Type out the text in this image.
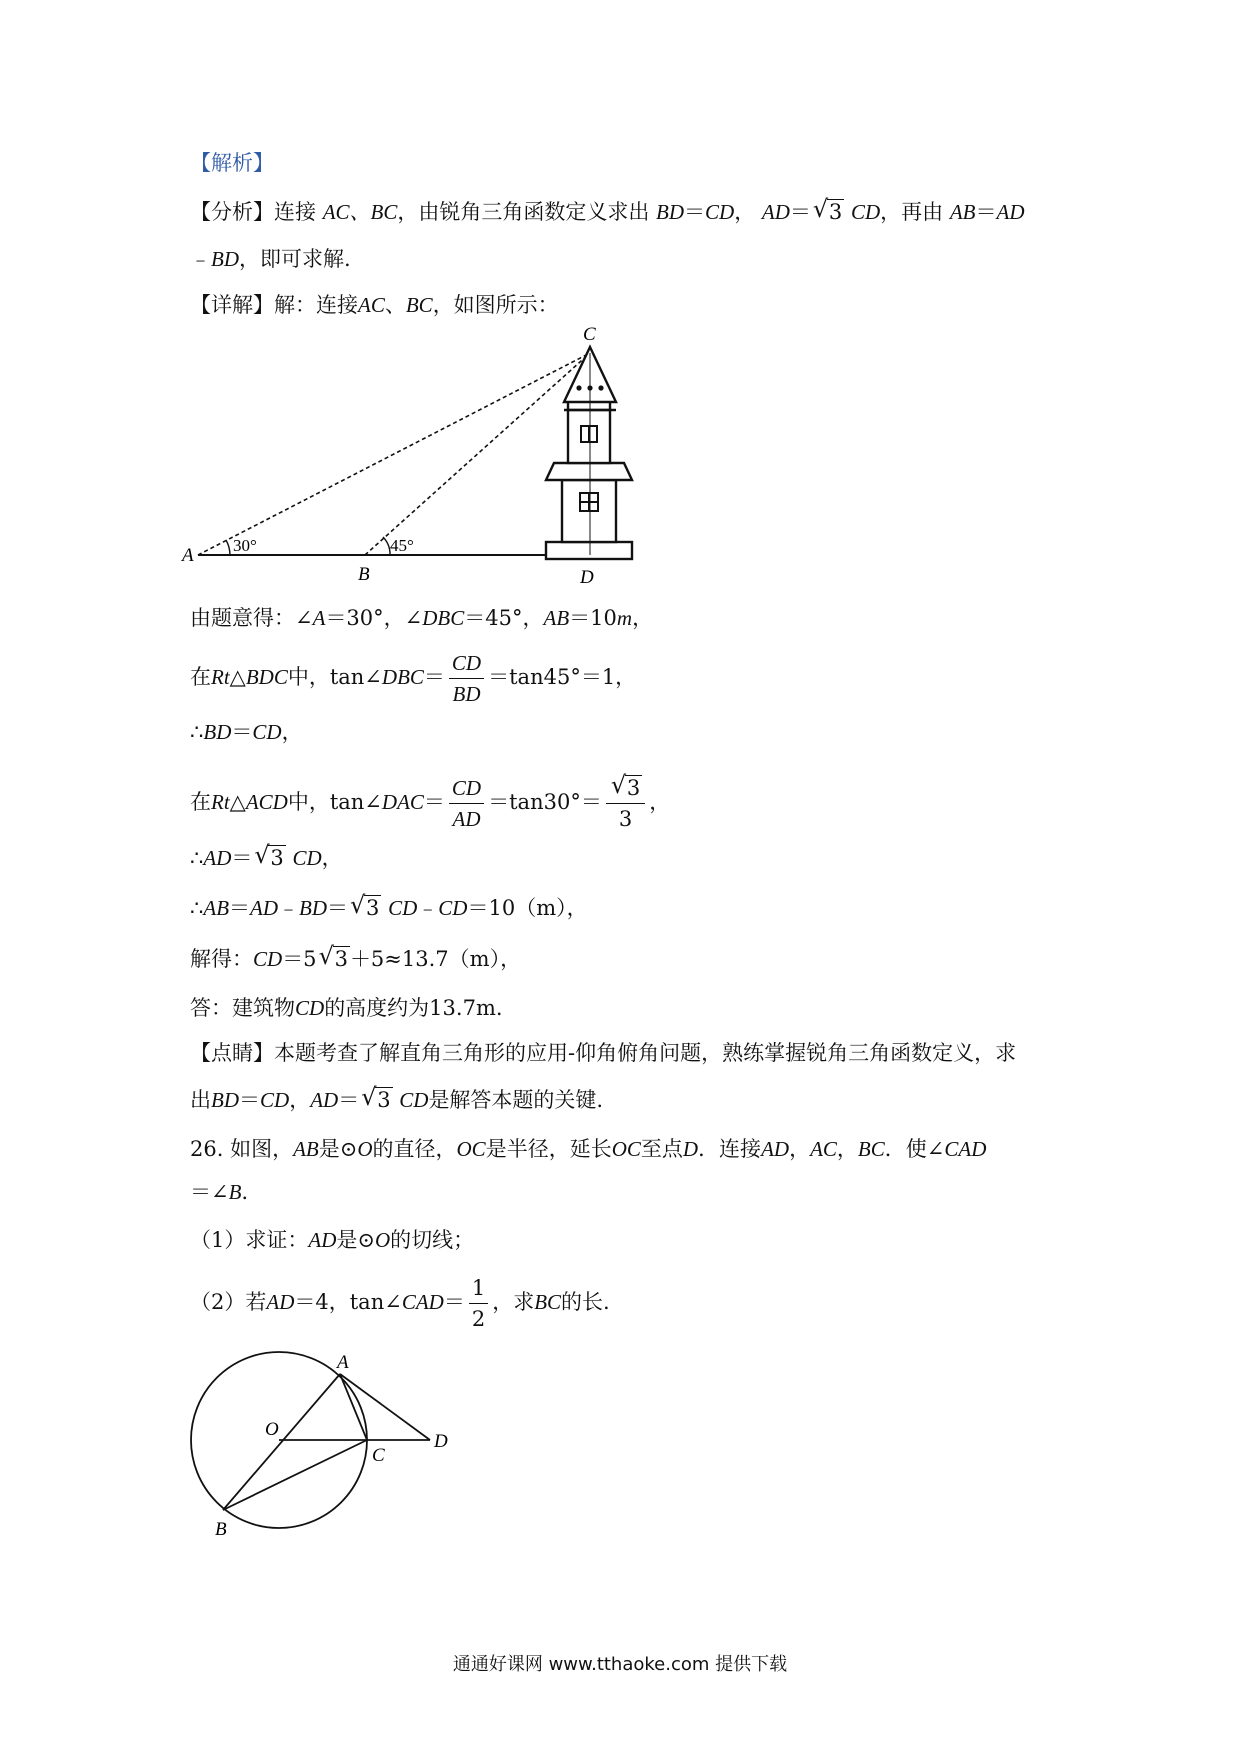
【解析】
【分析】连接 AC、BC，由锐角三角函数定义求出 BD＝CD， AD＝ √ 3 CD，再由 AB＝AD
﹣BD，即可求解.
【详解】解：连接AC、BC，如图所示：
C
A
B	D
30°	45°
由题意得：∠A＝30°，∠DBC＝45°，AB＝10m，
在Rt△BDC中，tan∠DBC＝ $\frac{CD}{BD} =\tan 45^\circ=1$，
∴BD＝CD，
在Rt△ACD中，tan∠DAC＝ $\frac{CD}{AD} =\tan 30^\circ= \frac{√ 3}{3}$ ，
∴AD＝ √ 3 CD，
∴AB＝AD﹣BD＝ √ 3 CD﹣CD＝10（m），
解得：CD＝5 √ 3＋5≈13.7（m），
答：建筑物CD的高度约为13.7m.
【点睛】本题考查了解直角三角形的应用-仰角俯角问题，熟练掌握锐角三角函数定义，求
出BD＝CD，AD＝ √ 3 CD是解答本题的关键.
26. 如图，AB是⊙O的直径，OC是半径，延长OC至点D．连接AD，AC，BC．使∠CAD
＝∠B．
（1）求证：AD是⊙O的切线；
（2）若AD＝4，tan∠CAD＝ $\frac{1}{2}$ ，求BC的长.
A
O
C
D
B
通通好课网 www.tthaoke.com 提供下载
